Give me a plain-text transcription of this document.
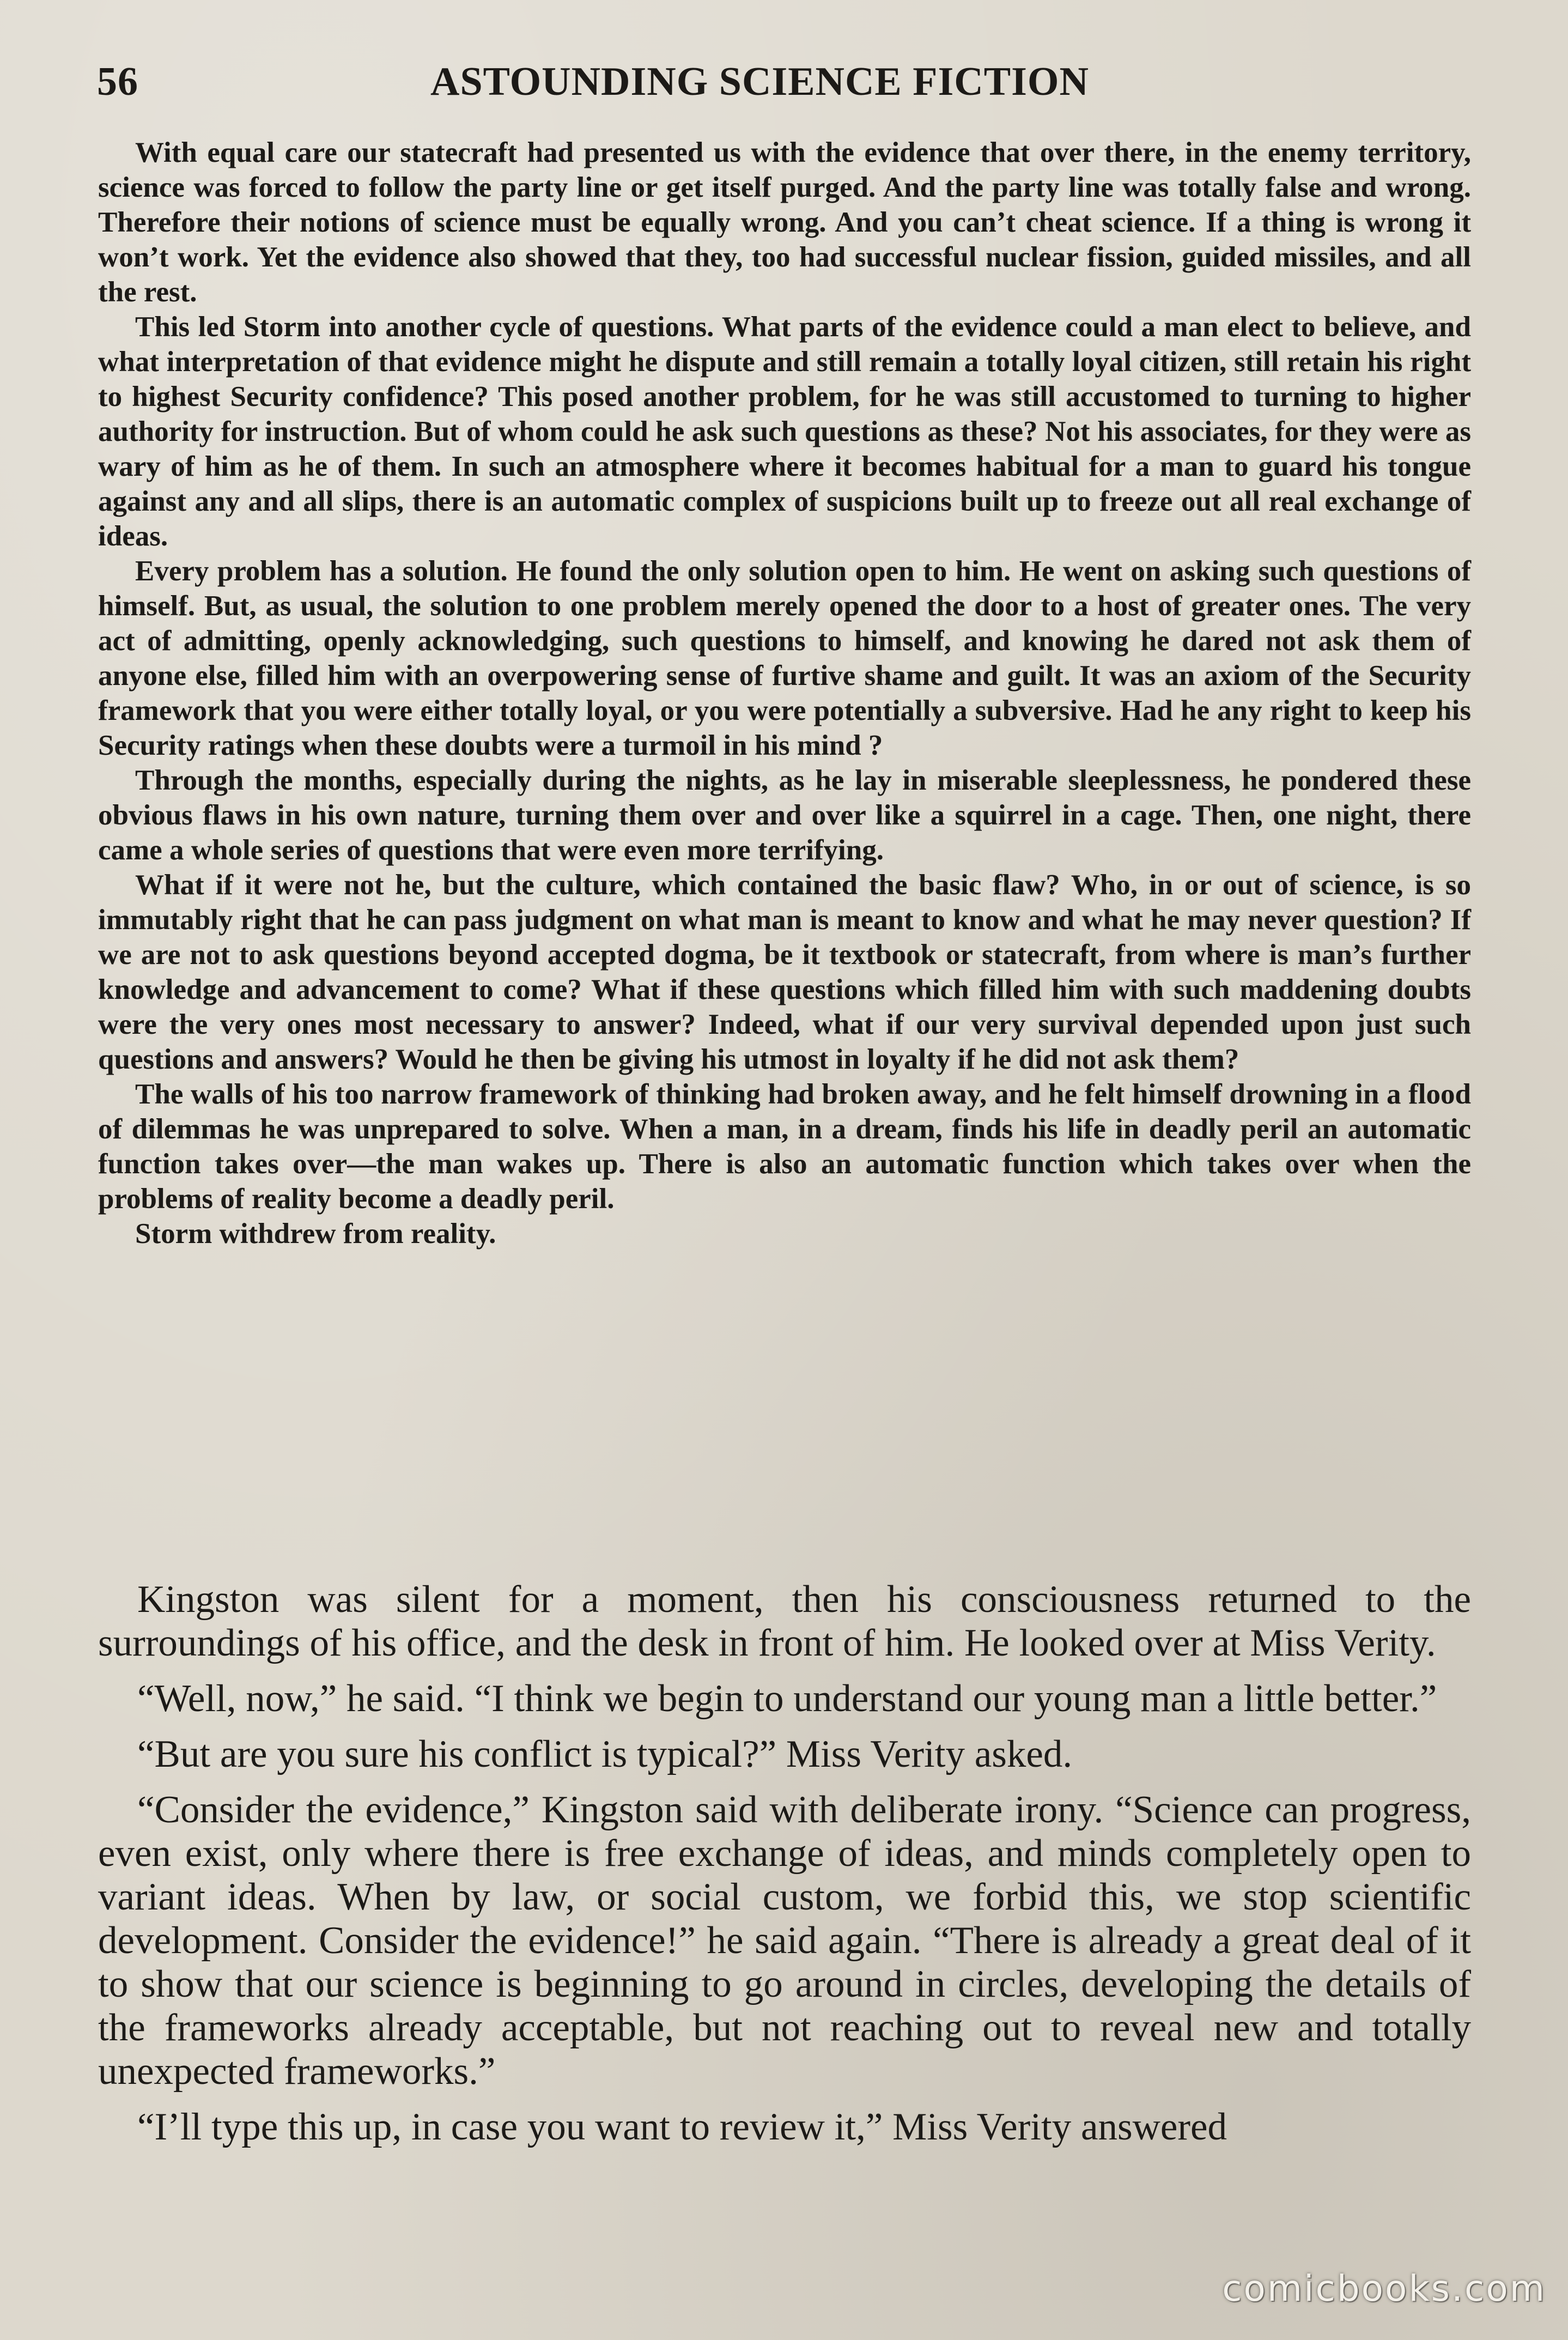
56	ASTOUNDING SCIENCE FICTION

With equal care our statecraft had presented us with the evidence that over there, in the enemy territory, science was forced to follow the party line or get itself purged. And the party line was totally false and wrong. Therefore their notions of science must be equally wrong. And you can’t cheat science. If a thing is wrong it won’t work. Yet the evidence also showed that they, too had successful nuclear fission, guided missiles, and all the rest.

This led Storm into another cycle of questions. What parts of the evidence could a man elect to believe, and what interpretation of that evidence might he dispute and still remain a totally loyal citizen, still retain his right to highest Security confidence? This posed another problem, for he was still accustomed to turning to higher authority for instruction. But of whom could he ask such questions as these? Not his associates, for they were as wary of him as he of them. In such an atmosphere where it becomes habitual for a man to guard his tongue against any and all slips, there is an automatic complex of suspicions built up to freeze out all real exchange of ideas.

Every problem has a solution. He found the only solution open to him. He went on asking such questions of himself. But, as usual, the solution to one problem merely opened the door to a host of greater ones. The very act of admitting, openly acknowledging, such questions to himself, and knowing he dared not ask them of anyone else, filled him with an overpowering sense of furtive shame and guilt. It was an axiom of the Security framework that you were either totally loyal, or you were potentially a subversive. Had he any right to keep his Security ratings when these doubts were a turmoil in his mind ?

Through the months, especially during the nights, as he lay in miserable sleeplessness, he pondered these obvious flaws in his own nature, turning them over and over like a squirrel in a cage. Then, one night, there came a whole series of questions that were even more terrifying.

What if it were not he, but the culture, which contained the basic flaw? Who, in or out of science, is so immutably right that he can pass judgment on what man is meant to know and what he may never question? If we are not to ask questions beyond accepted dogma, be it textbook or statecraft, from where is man’s further knowledge and advancement to come? What if these questions which filled him with such maddening doubts were the very ones most necessary to answer? Indeed, what if our very survival depended upon just such questions and answers? Would he then be giving his utmost in loyalty if he did not ask them?

The walls of his too narrow framework of thinking had broken away, and he felt himself drowning in a flood of dilemmas he was unprepared to solve. When a man, in a dream, finds his life in deadly peril an automatic function takes over—the man wakes up. There is also an automatic function which takes over when the problems of reality become a deadly peril.

Storm withdrew from reality.

Kingston was silent for a moment, then his consciousness returned to the surroundings of his office, and the desk in front of him. He looked over at Miss Verity.

“Well, now,” he said. “I think we begin to understand our young man a little better.”

“But are you sure his conflict is typical?” Miss Verity asked.

“Consider the evidence,” Kingston said with deliberate irony. “Science can progress, even exist, only where there is free exchange of ideas, and minds completely open to variant ideas. When by law, or social custom, we forbid this, we stop scientific development. Consider the evidence!” he said again. “There is already a great deal of it to show that our science is beginning to go around in circles, developing the details of the frameworks already acceptable, but not reaching out to reveal new and totally unexpected frameworks.”

“I’ll type this up, in case you want to review it,” Miss Verity answered

comicbooks.com
